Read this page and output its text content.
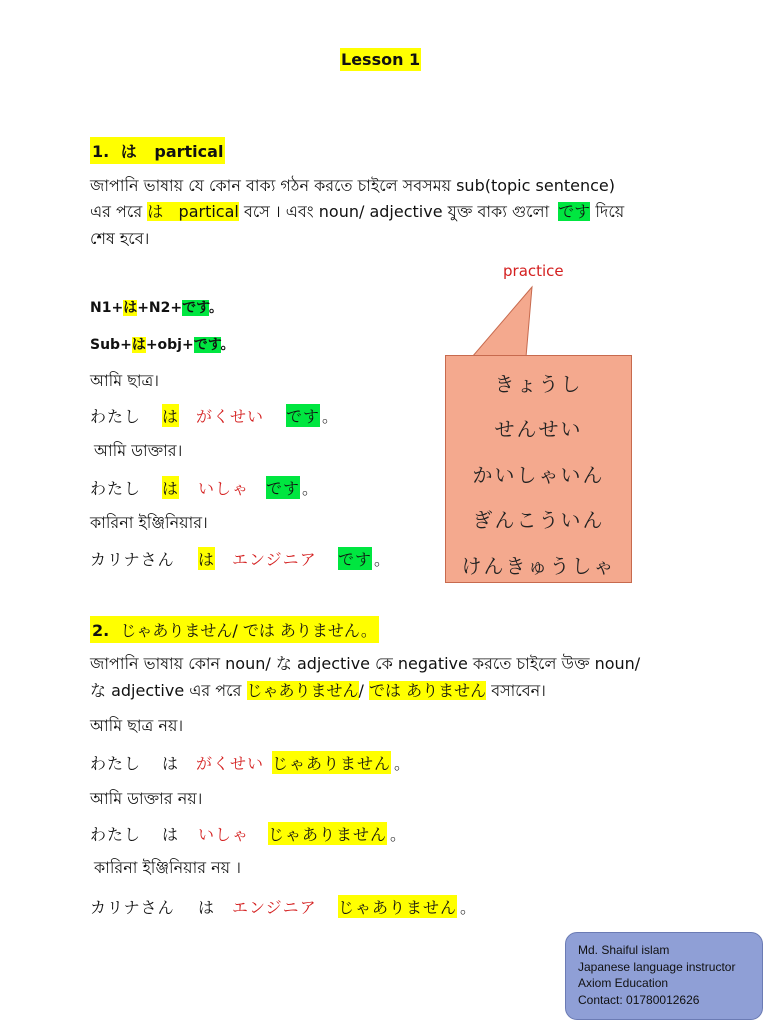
Lesson 1
1. は partical
জাপানি ভাষায় যে কোন বাক্য গঠন করতে চাইলে সবসময় sub(topic sentence)
এর পরে は partical বসে । এবং noun/ adjective যুক্ত বাক্য গুলো です দিয়ে
শেষ হবে।
N1+は+N2+です。
Sub+は+obj+です。
আমি ছাত্র।
わたし は がくせい です 。
আমি ডাক্তার।
わたし は いしゃ です 。
কারিনা ইঞ্জিনিয়ার।
カリナさん は エンジニア です 。
practice
きょうし
せんせい
かいしゃいん
ぎんこういん
けんきゅうしゃ
2. じゃありません/ では ありません。
জাপানি ভাষায় কোন noun/ な adjective কে negative করতে চাইলে উক্ত noun/
な adjective এর পরে じゃありません/ では ありません বসাবেন।
আমি ছাত্র নয়।
わたし は がくせい じゃありません 。
আমি ডাক্তার নয়।
わたし は いしゃ じゃありません 。
কারিনা ইঞ্জিনিয়ার নয় ।
カリナさん は エンジニア じゃありません 。
Md. Shaiful islam
Japanese language instructor
Axiom Education
Contact: 01780012626
